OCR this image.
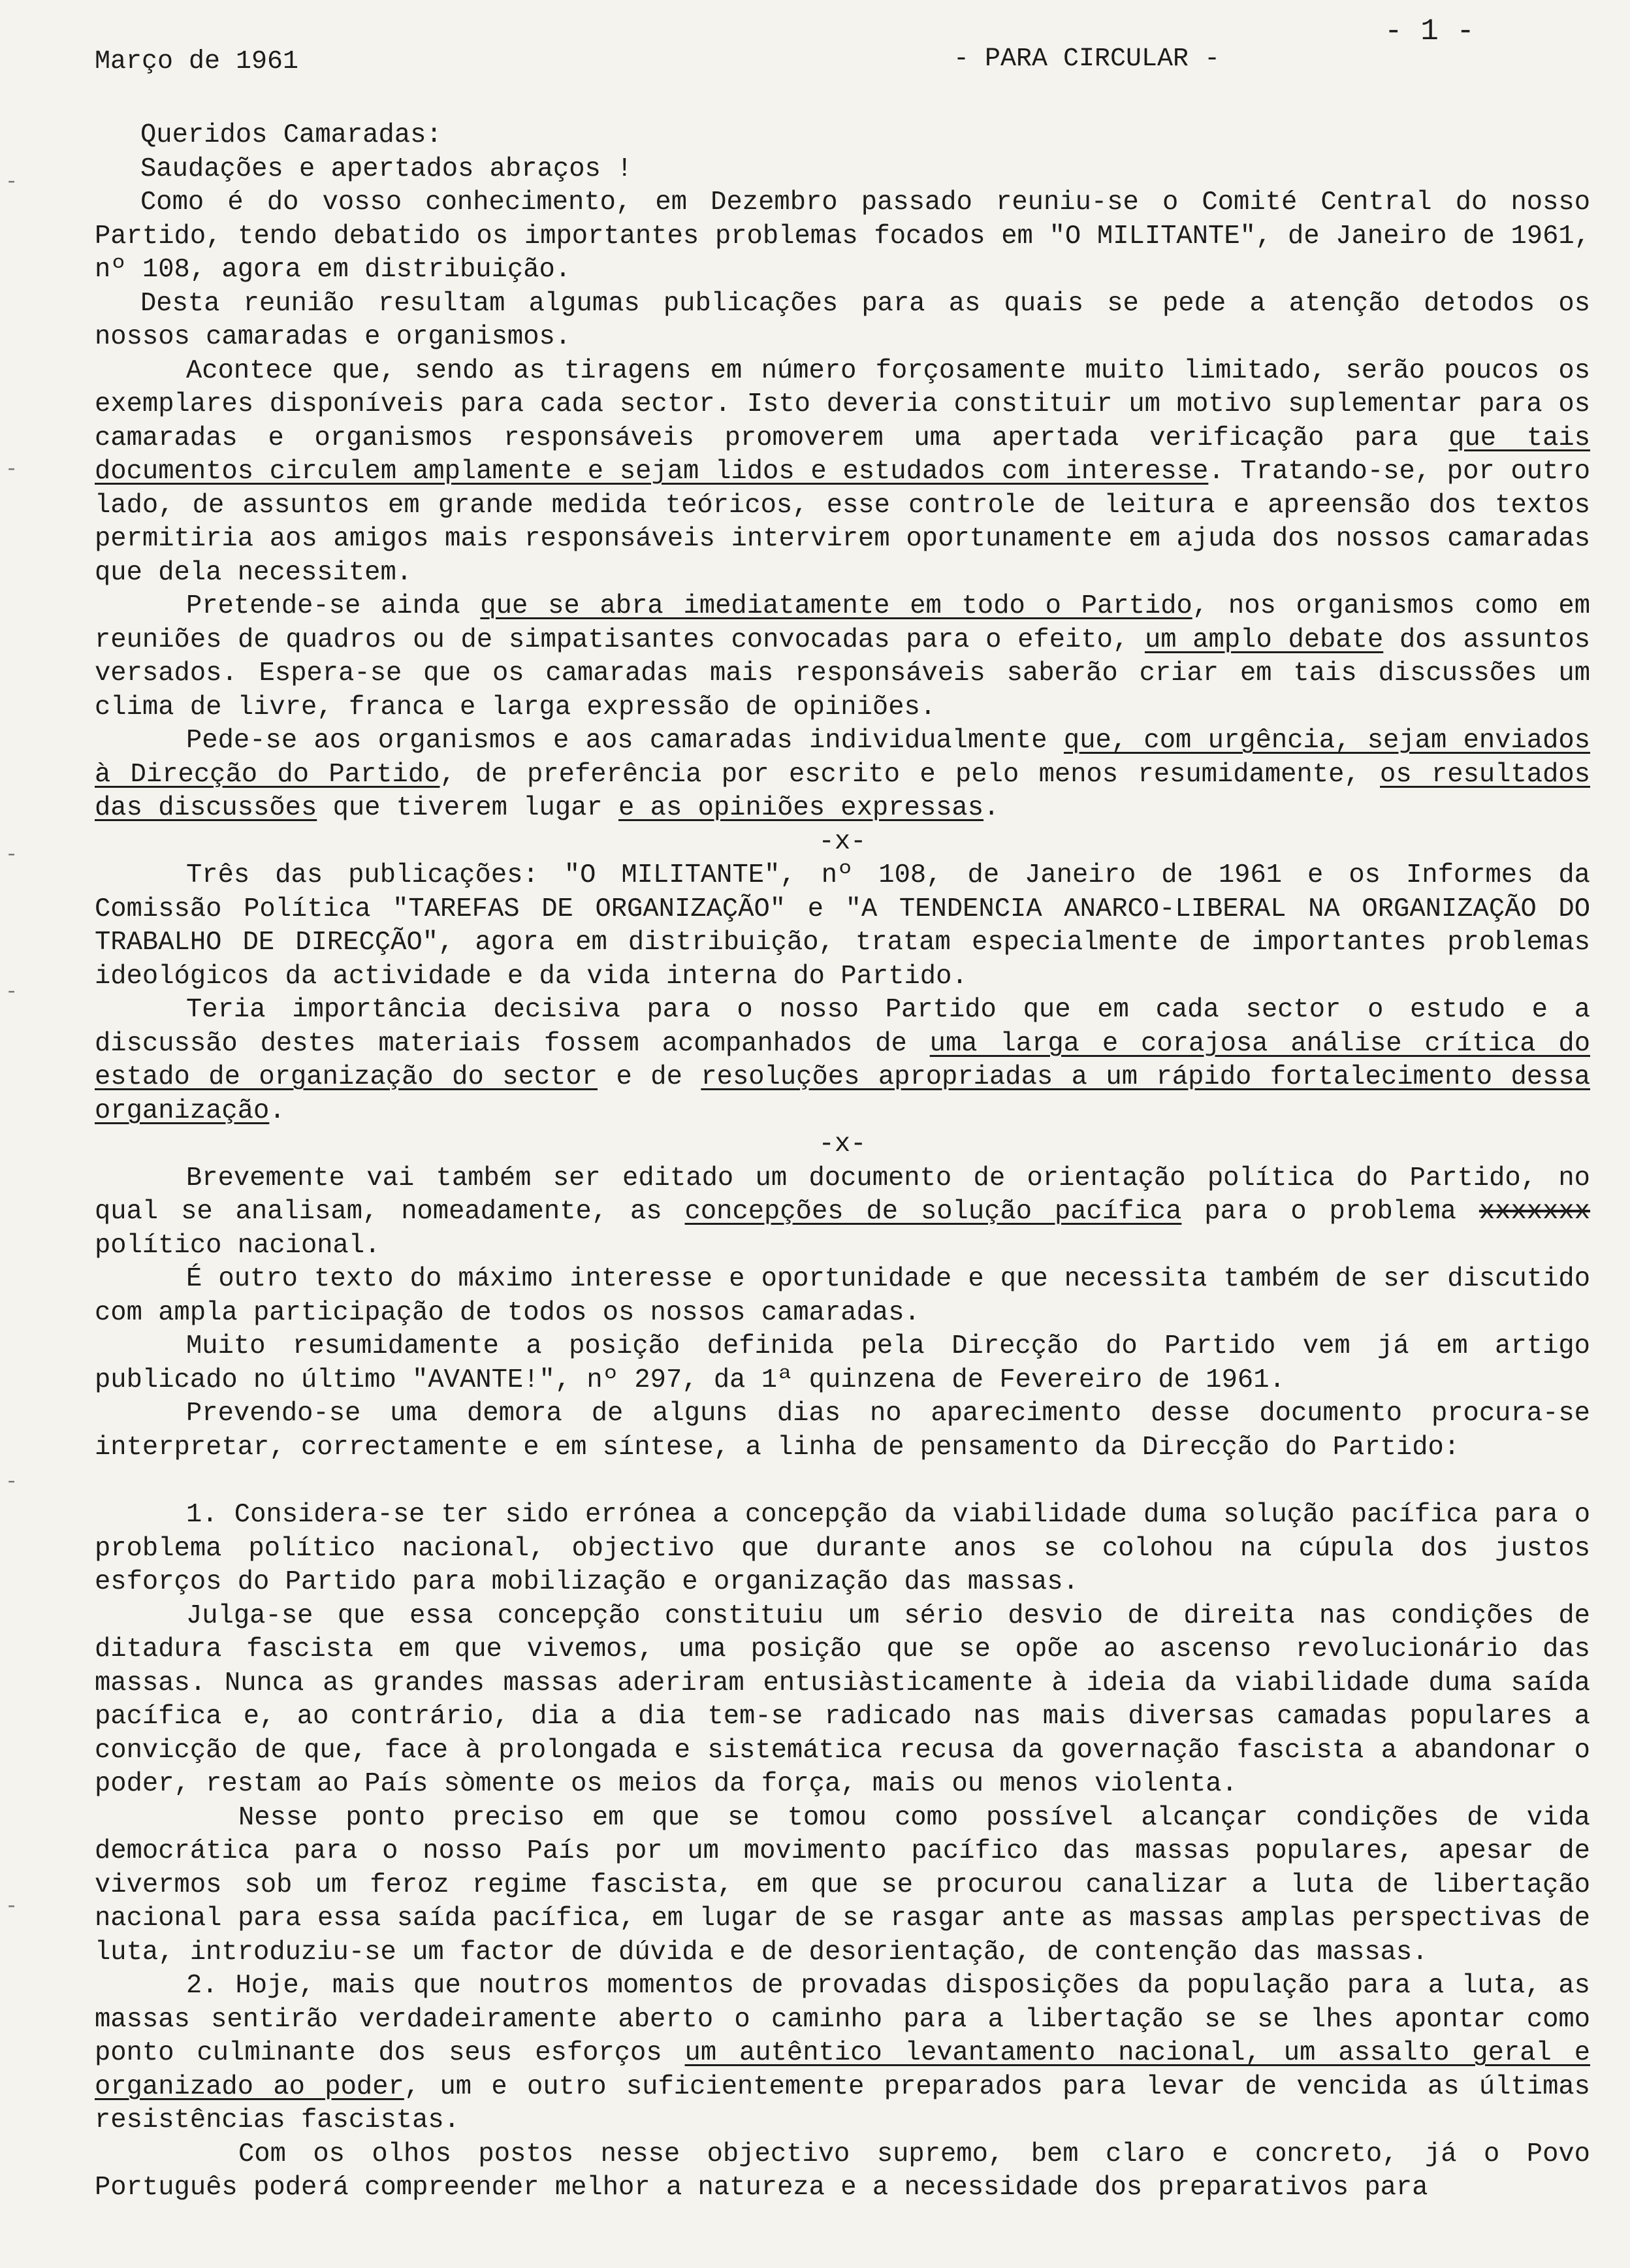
-
-
-
-
-
-
- 1 -
Março de 1961	- PARA CIRCULAR -

Queridos Camaradas:

Saudações e apertados abraços !

Como é do vosso conhecimento, em Dezembro passado reuniu-se o Comité Central do nosso Partido, tendo debatido os importantes problemas focados em "O MILITANTE", de Janeiro de 1961, nº 108, agora em distribuição.

Desta reunião resultam algumas publicações para as quais se pede a atenção detodos os nossos camaradas e organismos.

Acontece que, sendo as tiragens em número forçosamente muito limitado, serão poucos os exemplares disponíveis para cada sector. Isto deveria constituir um motivo suplementar para os camaradas e organismos responsáveis promoverem uma apertada verificação para que tais documentos circulem amplamente e sejam lidos e estudados com interesse. Tratando-se, por outro lado, de assuntos em grande medida teóricos, esse controle de leitura e apreensão dos textos permitiria aos amigos mais responsáveis intervirem oportunamente em ajuda dos nossos camaradas que dela necessitem.

Pretende-se ainda que se abra imediatamente em todo o Partido, nos organismos como em reuniões de quadros ou de simpatisantes convocadas para o efeito, um amplo debate dos assuntos versados. Espera-se que os camaradas mais responsáveis saberão criar em tais discussões um clima de livre, franca e larga expressão de opiniões.

Pede-se aos organismos e aos camaradas individualmente que, com urgência, sejam enviados à Direcção do Partido, de preferência por escrito e pelo menos resumidamente, os resultados das discussões que tiverem lugar e as opiniões expressas.

-x-

Três das publicações: "O MILITANTE", nº 108, de Janeiro de 1961 e os Informes da Comissão Política "TAREFAS DE ORGANIZAÇÃO" e "A TENDENCIA ANARCO-LIBERAL NA ORGANIZAÇÃO DO TRABALHO DE DIRECÇÃO", agora em distribuição, tratam especialmente de importantes problemas ideológicos da actividade e da vida interna do Partido.

Teria importância decisiva para o nosso Partido que em cada sector o estudo e a discussão destes materiais fossem acompanhados de uma larga e corajosa análise crítica do estado de organização do sector e de resoluções apropriadas a um rápido fortalecimento dessa organização.

-x-

Brevemente vai também ser editado um documento de orientação política do Partido, no qual se analisam, nomeadamente, as concepções de solução pacífica para o problema xxxxxxx político nacional.

É outro texto do máximo interesse e oportunidade e que necessita também de ser discutido com ampla participação de todos os nossos camaradas.

Muito resumidamente a posição definida pela Direcção do Partido vem já em artigo publicado no último "AVANTE!", nº 297, da 1ª quinzena de Fevereiro de 1961.

Prevendo-se uma demora de alguns dias no aparecimento desse documento procura-se interpretar, correctamente e em síntese, a linha de pensamento da Direcção do Partido:

1. Considera-se ter sido errónea a concepção da viabilidade duma solução pacífica para o problema político nacional, objectivo que durante anos se colohou na cúpula dos justos esforços do Partido para mobilização e organização das massas.

Julga-se que essa concepção constituiu um sério desvio de direita nas condições de ditadura fascista em que vivemos, uma posição que se opõe ao ascenso revolucionário das massas. Nunca as grandes massas aderiram entusiàsticamente à ideia da viabilidade duma saída pacífica e, ao contrário, dia a dia tem-se radicado nas mais diversas camadas populares a convicção de que, face à prolongada e sistemática recusa da governação fascista a abandonar o poder, restam ao País sòmente os meios da força, mais ou menos violenta.

Nesse ponto preciso em que se tomou como possível alcançar condições de vida democrática para o nosso País por um movimento pacífico das massas populares, apesar de vivermos sob um feroz regime fascista, em que se procurou canalizar a luta de libertação nacional para essa saída pacífica, em lugar de se rasgar ante as massas amplas perspectivas de luta, introduziu-se um factor de dúvida e de desorientação, de contenção das massas.

2. Hoje, mais que noutros momentos de provadas disposições da população para a luta, as massas sentirão verdadeiramente aberto o caminho para a libertação se se lhes apontar como ponto culminante dos seus esforços um autêntico levantamento nacional, um assalto geral e organizado ao poder, um e outro suficientemente preparados para levar de vencida as últimas resistências fascistas.

Com os olhos postos nesse objectivo supremo, bem claro e concreto, já o Povo Português poderá compreender melhor a natureza e a necessidade dos preparativos para
